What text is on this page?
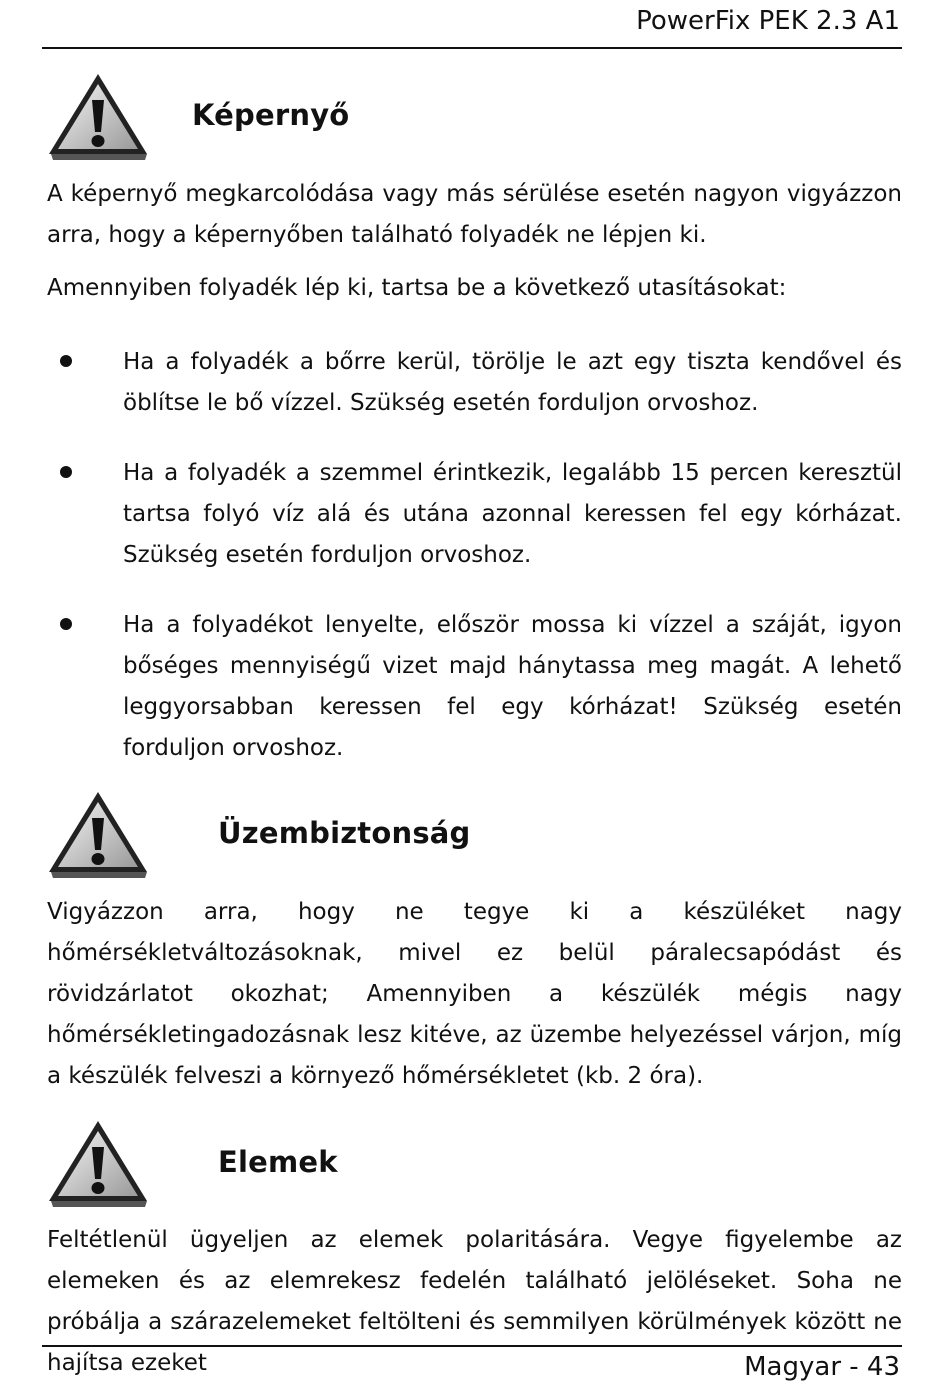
PowerFix PEK 2.3 A1
Képernyő
A képernyő megkarcolódása vagy más sérülése esetén nagyon vigyázzon arra, hogy a képernyőben található folyadék ne lépjen ki.
Amennyiben folyadék lép ki, tartsa be a következő utasításokat:
Ha a folyadék a bőrre kerül, törölje le azt egy tiszta kendővel és öblítse le bő vízzel. Szükség esetén forduljon orvoshoz.
Ha a folyadék a szemmel érintkezik, legalább 15 percen keresztül tartsa folyó víz alá és utána azonnal keressen fel egy kórházat. Szükség esetén forduljon orvoshoz.
Ha a folyadékot lenyelte, először mossa ki vízzel a száját, igyon bőséges mennyiségű vizet majd hánytassa meg magát. A lehető leggyorsabban keressen fel egy kórházat! Szükség esetén forduljon orvoshoz.
Üzembiztonság
Vigyázzon arra, hogy ne tegye ki a készüléket nagy hőmérsékletváltozásoknak, mivel ez belül páralecsapódást és rövidzárlatot okozhat; Amennyiben a készülék mégis nagy hőmérsékletingadozásnak lesz kitéve, az üzembe helyezéssel várjon, míg a készülék felveszi a környező hőmérsékletet (kb. 2 óra).
Elemek
Feltétlenül ügyeljen az elemek polaritására. Vegye figyelembe az elemeken és az elemrekesz fedelén található jelöléseket. Soha ne próbálja a szárazelemeket feltölteni és semmilyen körülmények között ne hajítsa ezeket	Magyar - 43
